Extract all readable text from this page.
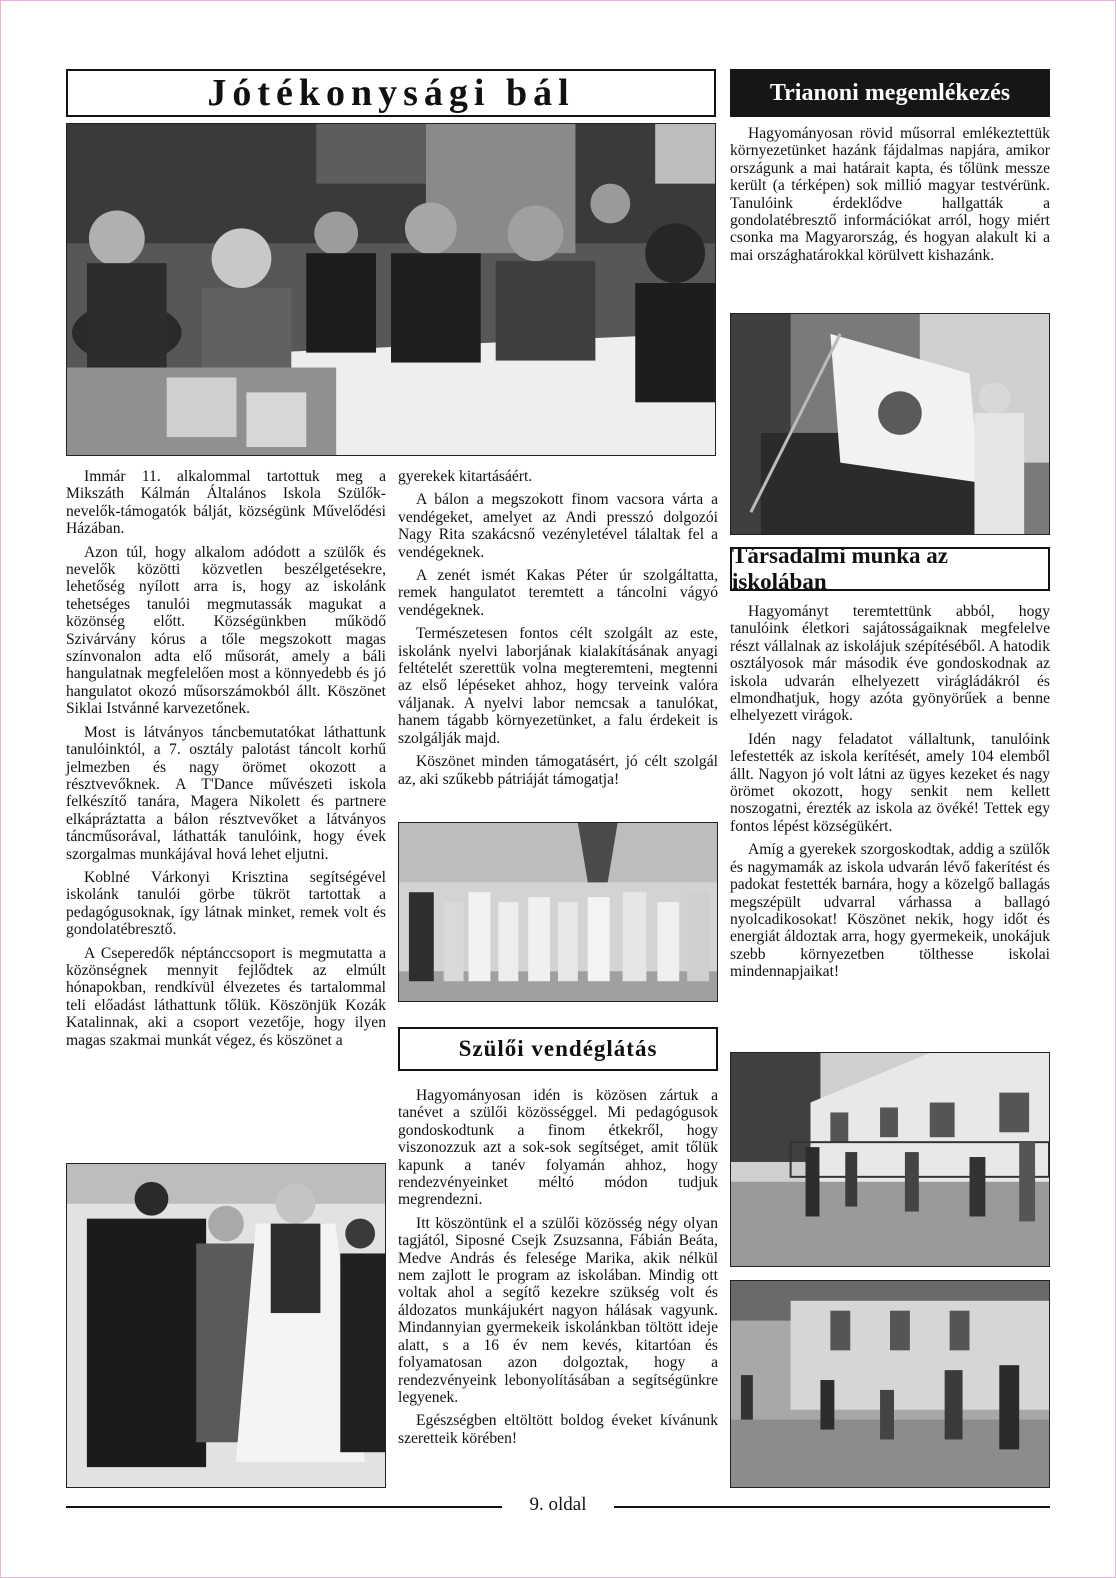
Jótékonysági bál	Trianoni megemlékezés

Hagyományosan rövid műsorral emlékeztettük környezetünket hazánk fájdalmas napjára, amikor országunk a mai határait kapta, és tőlünk messze került (a térképen) sok millió magyar testvérünk. Tanulóink érdeklődve hallgatták a gondolatébresztő információkat arról, hogy miért csonka ma Magyarország, és hogyan alakult ki a mai országhatárokkal körülvett kishazánk.

Társadalmi munka az iskolában

Hagyományt teremtettünk abból, hogy tanulóink életkori sajátosságaiknak megfelelve részt vállalnak az iskolájuk szépítéséből. A hatodik osztályosok már második éve gondoskodnak az iskola udvarán elhelyezett virágládákról és elmondhatjuk, hogy azóta gyönyörűek a benne elhelyezett virágok.

Idén nagy feladatot vállaltunk, tanulóink lefestették az iskola kerítését, amely 104 elemből állt. Nagyon jó volt látni az ügyes kezeket és nagy örömet okozott, hogy senkit nem kellett noszogatni, érezték az iskola az övéké! Tettek egy fontos lépést községükért.

Amíg a gyerekek szorgoskodtak, addig a szülők és nagymamák az iskola udvarán lévő fakerítést és padokat festették barnára, hogy a közelgő ballagás megszépült udvarral várhassa a ballagó nyolcadikosokat! Köszönet nekik, hogy időt és energiát áldoztak arra, hogy gyermekeik, unokájuk szebb környezetben tölthesse iskolai mindennapjaikat!

Immár 11. alkalommal tartottuk meg a Mikszáth Kálmán Általános Iskola Szülők-nevelők-támogatók bálját, községünk Művelődési Házában.

Azon túl, hogy alkalom adódott a szülők és nevelők közötti közvetlen beszélgetésekre, lehetőség nyílott arra is, hogy az iskolánk tehetséges tanulói megmutassák magukat a közönség előtt. Községünkben működő Szivárvány kórus a tőle megszokott magas színvonalon adta elő műsorát, amely a báli hangulatnak megfelelően most a könnyedebb és jó hangulatot okozó műsorszámokból állt. Köszönet Siklai Istvánné karvezetőnek.

Most is látványos táncbemutatókat láthattunk tanulóinktól, a 7. osztály palotást táncolt korhű jelmezben és nagy örömet okozott a résztvevőknek. A T'Dance művészeti iskola felkészítő tanára, Magera Nikolett és partnere elkápráztatta a bálon résztvevőket a látványos táncműsorával, láthatták tanulóink, hogy évek szorgalmas munkájával hová lehet eljutni.

Koblné Várkonyi Krisztina segítségével iskolánk tanulói görbe tükröt tartottak a pedagógusoknak, így látnak minket, remek volt és gondolatébresztő.

A Cseperedők néptánccsoport is megmutatta a közönségnek mennyit fejlődtek az elmúlt hónapokban, rendkívül élvezetes és tartalommal teli előadást láthattunk tőlük. Köszönjük Kozák Katalinnak, aki a csoport vezetője, hogy ilyen magas szakmai munkát végez, és köszönet a

gyerekek kitartásáért.

A bálon a megszokott finom vacsora várta a vendégeket, amelyet az Andi presszó dolgozói Nagy Rita szakácsnő vezényletével tálaltak fel a vendégeknek.

A zenét ismét Kakas Péter úr szolgáltatta, remek hangulatot teremtett a táncolni vágyó vendégeknek.

Természetesen fontos célt szolgált az este, iskolánk nyelvi laborjának kialakításának anyagi feltételét szerettük volna megteremteni, megtenni az első lépéseket ahhoz, hogy terveink valóra váljanak. A nyelvi labor nemcsak a tanulókat, hanem tágabb környezetünket, a falu érdekeit is szolgálják majd.

Köszönet minden támogatásért, jó célt szolgál az, aki szűkebb pátriáját támogatja!

Szülői vendéglátás

Hagyományosan idén is közösen zártuk a tanévet a szülői közösséggel. Mi pedagógusok gondoskodtunk a finom étkekről, hogy viszonozzuk azt a sok-sok segítséget, amit tőlük kapunk a tanév folyamán ahhoz, hogy rendezvényeinket méltó módon tudjuk megrendezni.

Itt köszöntünk el a szülői közösség négy olyan tagjától, Siposné Csejk Zsuzsanna, Fábián Beáta, Medve András és felesége Marika, akik nélkül nem zajlott le program az iskolában. Mindig ott voltak ahol a segítő kezekre szükség volt és áldozatos munkájukért nagyon hálásak vagyunk. Mindannyian gyermekeik iskolánkban töltött ideje alatt, s a 16 év nem kevés, kitartóan és folyamatosan azon dolgoztak, hogy a rendezvényeink lebonyolításában a segítségünkre legyenek.

Egészségben eltöltött boldog éveket kívánunk szeretteik körében!

9. oldal
